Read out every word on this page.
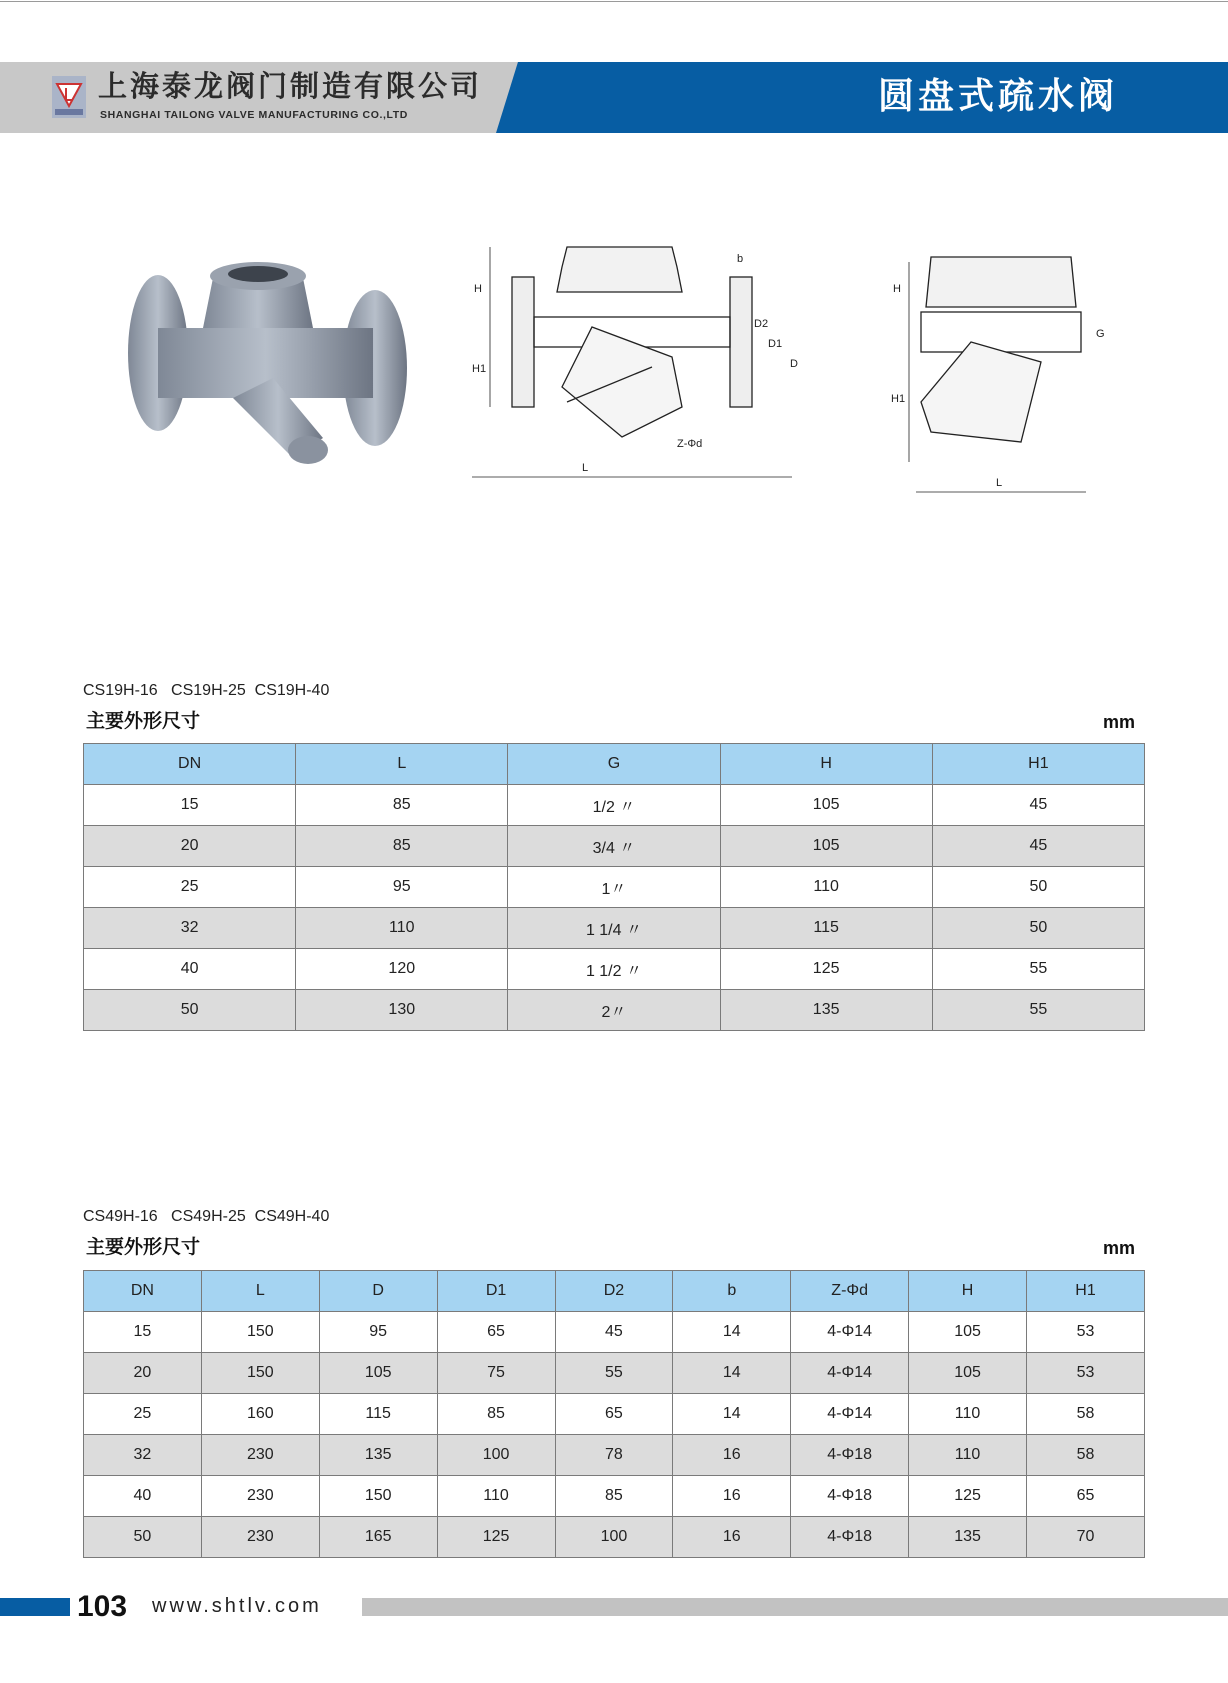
上海泰龙阀门制造有限公司
SHANGHAI TAILONG VALVE MANUFACTURING CO.,LTD	圆盘式疏水阀
H
H1
L
b
D
D1
D2
Z-Φd
H
H1
L
G
CS19H-16   CS19H-25  CS19H-40
主要外形尺寸	mm
DN	L	G	H	H1
15	85	1/2 〃	105	45
20	85	3/4 〃	105	45
25	95	1〃	110	50
32	110	1 1/4 〃	115	50
40	120	1 1/2 〃	125	55
50	130	2〃	135	55
CS49H-16   CS49H-25  CS49H-40
主要外形尺寸	mm
DN	L	D	D1	D2	b	Z-Φd	H	H1
15	150	95	65	45	14	4-Φ14	105	53
20	150	105	75	55	14	4-Φ14	105	53
25	160	115	85	65	14	4-Φ14	110	58
32	230	135	100	78	16	4-Φ18	110	58
40	230	150	110	85	16	4-Φ18	125	65
50	230	165	125	100	16	4-Φ18	135	70
103 www.shtlv.com
